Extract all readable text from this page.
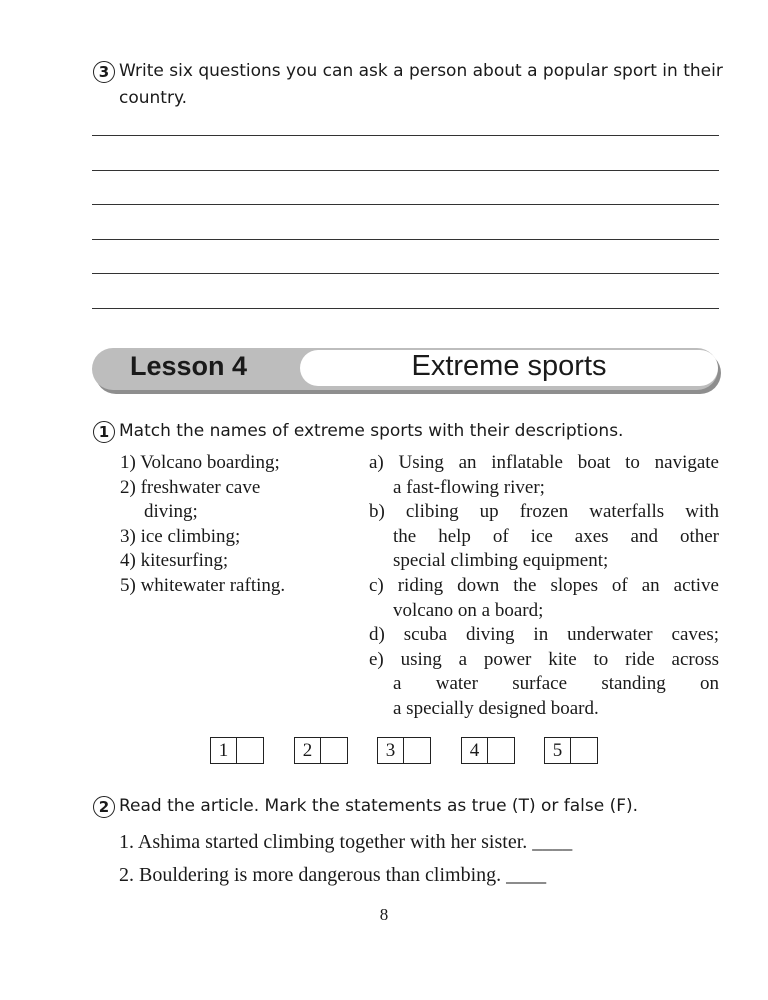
3 Write six questions you can ask a person about a popular sport in their
country.
Lesson 4	Extreme sports
1 Match the names of extreme sports with their descriptions.
1) Volcano boarding;
2) freshwater cave
diving;
3) ice climbing;
4) kitesurfing;
5) whitewater rafting.
a) Using an inflatable boat to navigate
a fast-flowing river;
b) clibing up frozen waterfalls with
the help of ice axes and other
special climbing equipment;
c) riding down the slopes of an active
volcano on a board;
d) scuba diving in underwater caves;
e) using a power kite to ride across
a water surface standing on
a specially designed board.
1	2	3	4	5
2 Read the article. Mark the statements as true (T) or false (F).
1. Ashima started climbing together with her sister. ____
2. Bouldering is more dangerous than climbing. ____
8
